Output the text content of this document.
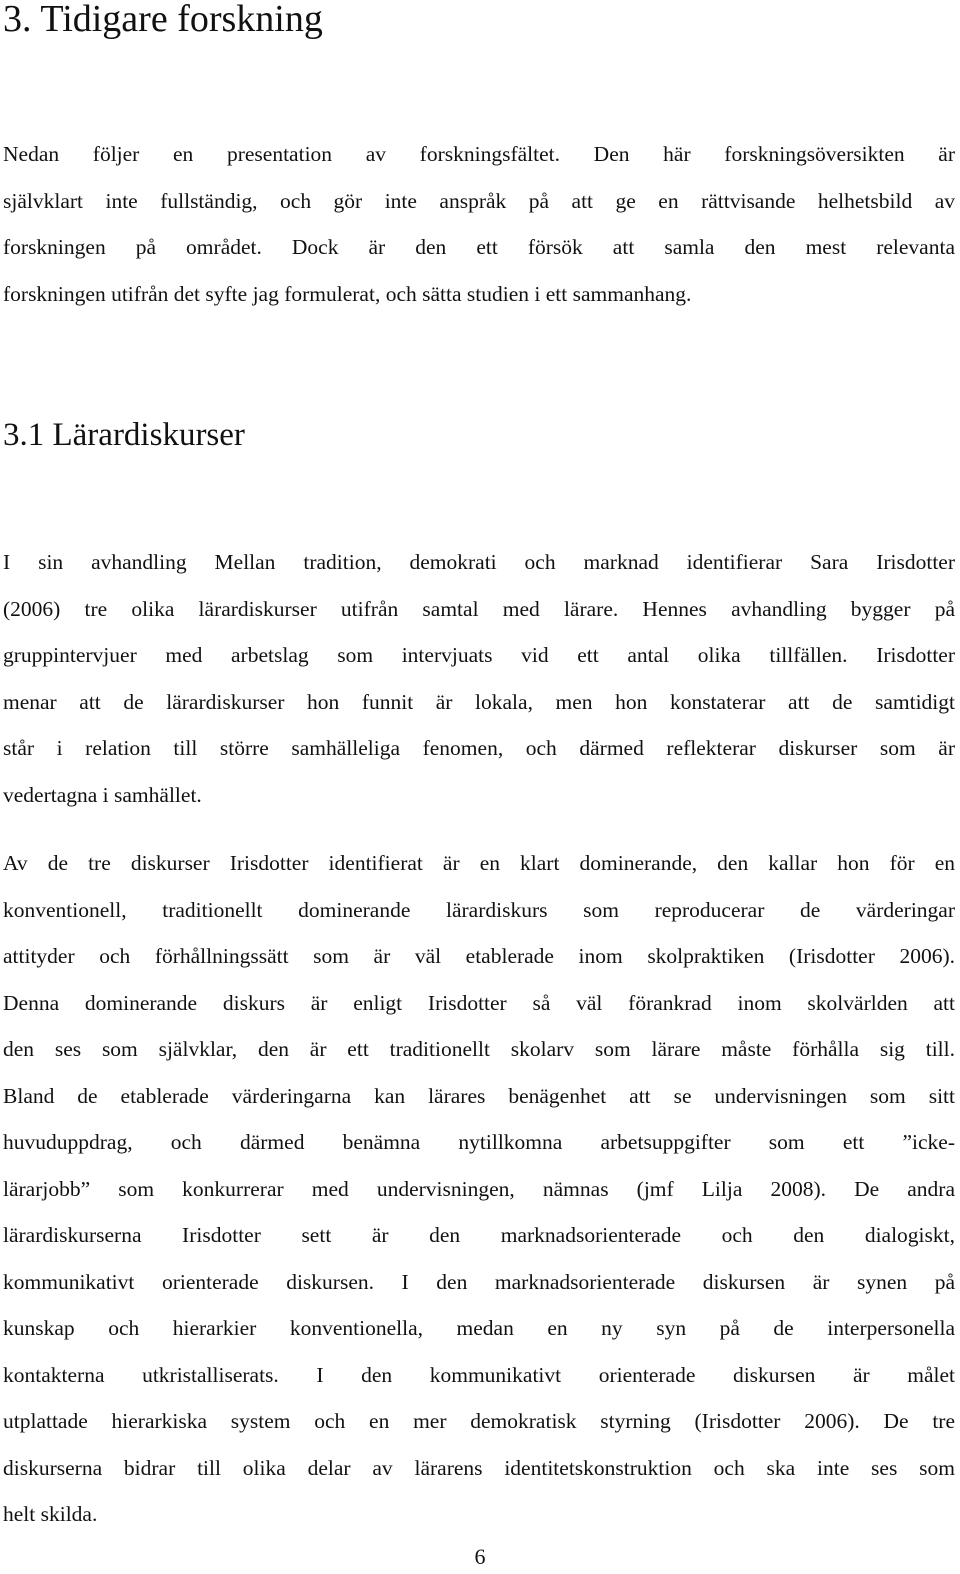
3. Tidigare forskning
Nedan följer en presentation av forskningsfältet. Den här forskningsöversikten är
självklart inte fullständig, och gör inte anspråk på att ge en rättvisande helhetsbild av
forskningen på området. Dock är den ett försök att samla den mest relevanta
forskningen utifrån det syfte jag formulerat, och sätta studien i ett sammanhang.
3.1 Lärardiskurser
I sin avhandling Mellan tradition, demokrati och marknad identifierar Sara Irisdotter
(2006) tre olika lärardiskurser utifrån samtal med lärare. Hennes avhandling bygger på
gruppintervjuer med arbetslag som intervjuats vid ett antal olika tillfällen. Irisdotter
menar att de lärardiskurser hon funnit är lokala, men hon konstaterar att de samtidigt
står i relation till större samhälleliga fenomen, och därmed reflekterar diskurser som är
vedertagna i samhället.
Av de tre diskurser Irisdotter identifierat är en klart dominerande, den kallar hon för en
konventionell, traditionellt dominerande lärardiskurs som reproducerar de värderingar
attityder och förhållningssätt som är väl etablerade inom skolpraktiken (Irisdotter 2006).
Denna dominerande diskurs är enligt Irisdotter så väl förankrad inom skolvärlden att
den ses som självklar, den är ett traditionellt skolarv som lärare måste förhålla sig till.
Bland de etablerade värderingarna kan lärares benägenhet att se undervisningen som sitt
huvuduppdrag, och därmed benämna nytillkomna arbetsuppgifter som ett ”icke-
lärarjobb” som konkurrerar med undervisningen, nämnas (jmf Lilja 2008). De andra
lärardiskurserna Irisdotter sett är den marknadsorienterade och den dialogiskt,
kommunikativt orienterade diskursen. I den marknadsorienterade diskursen är synen på
kunskap och hierarkier konventionella, medan en ny syn på de interpersonella
kontakterna utkristalliserats. I den kommunikativt orienterade diskursen är målet
utplattade hierarkiska system och en mer demokratisk styrning (Irisdotter 2006). De tre
diskurserna bidrar till olika delar av lärarens identitetskonstruktion och ska inte ses som
helt skilda.
6
